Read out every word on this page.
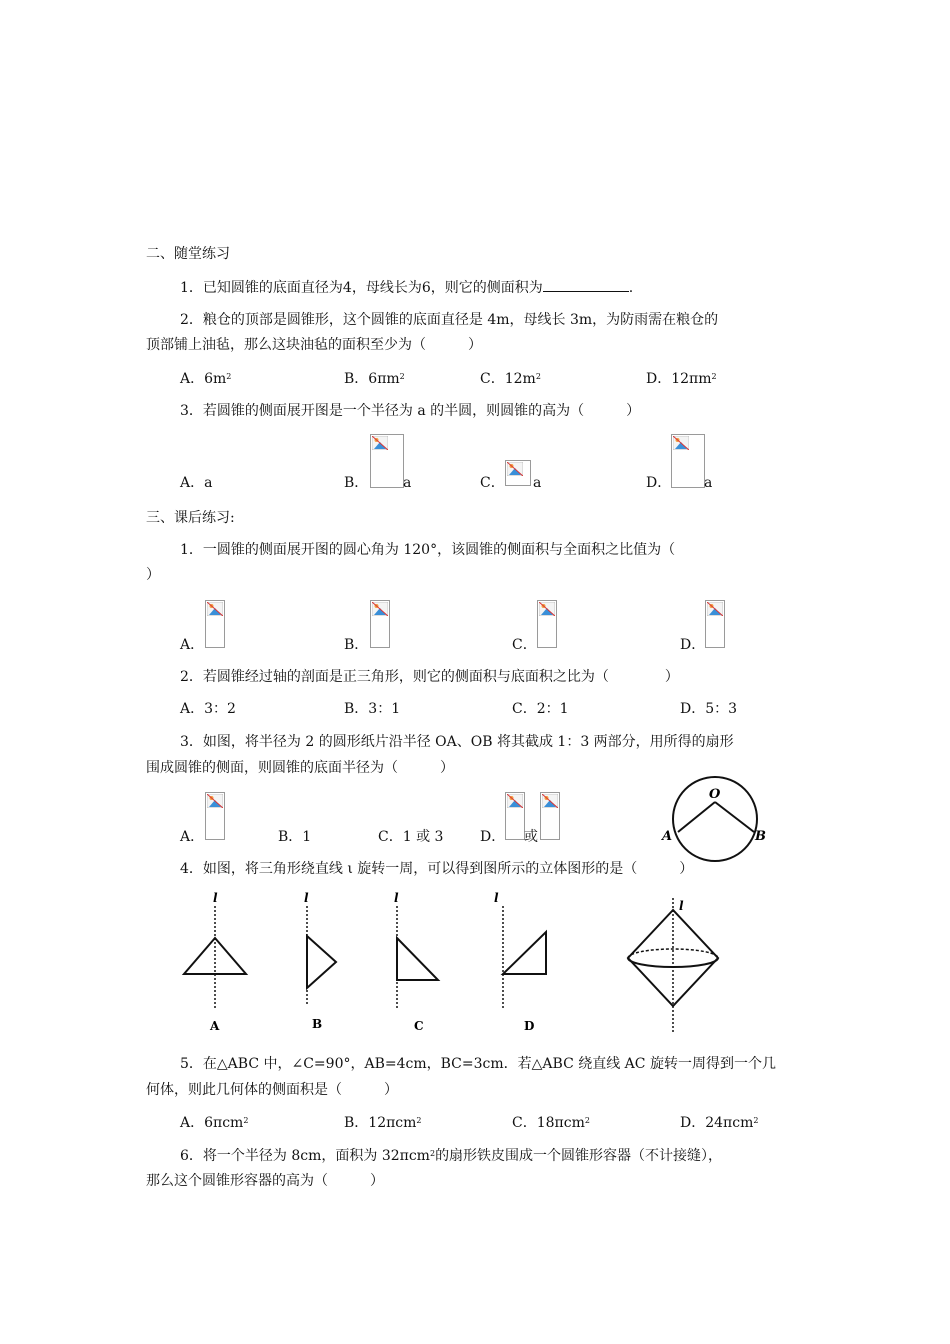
二、随堂练习
1．已知圆锥的底面直径为4，母线长为6，则它的侧面积为	.
2．粮仓的顶部是圆锥形，这个圆锥的底面直径是 4m，母线长 3m，为防雨需在粮仓的
顶部铺上油毡，那么这块油毡的面积至少为（　　　）
A．$6m^2$	B．$6\pi m^2$	C．$12m^2$	D．$12\pi m^2$
3．若圆锥的侧面展开图是一个半径为 a 的半圆，则圆锥的高为（　　　）
A．a	B． a	C． a	D． a
三、课后练习:
1．一圆锥的侧面展开图的圆心角为 120°，该圆锥的侧面积与全面积之比值为（
）
A．	B．	C．	D．
2．若圆锥经过轴的剖面是正三角形，则它的侧面积与底面积之比为（　　　　）
A．3：2	B．3：1	C．2：1	D．5：3
3．如图，将半径为 2 的圆形纸片沿半径 OA、OB 将其截成 1：3 两部分，用所得的扇形
围成圆锥的侧面，则圆锥的底面半径为（　　　）
A．	B．1	C．1 或 3	D． 或
O
A	B
4．如图，将三角形绕直线 ι 旋转一周，可以得到图所示的立体图形的是（　　　）
l
A
l
B
l
C
l
D
l
5．在△ABC 中，∠C=90°，AB=4cm，BC=3cm．若△ABC 绕直线 AC 旋转一周得到一个几
何体，则此几何体的侧面积是（　　　）
A．6πcm$^2$	B．12πcm$^2$	C．18πcm$^2$	D．24πcm$^2$
6．将一个半径为 8cm，面积为 32πcm$^2$的扇形铁皮围成一个圆锥形容器（不计接缝），
那么这个圆锥形容器的高为（　　　）
